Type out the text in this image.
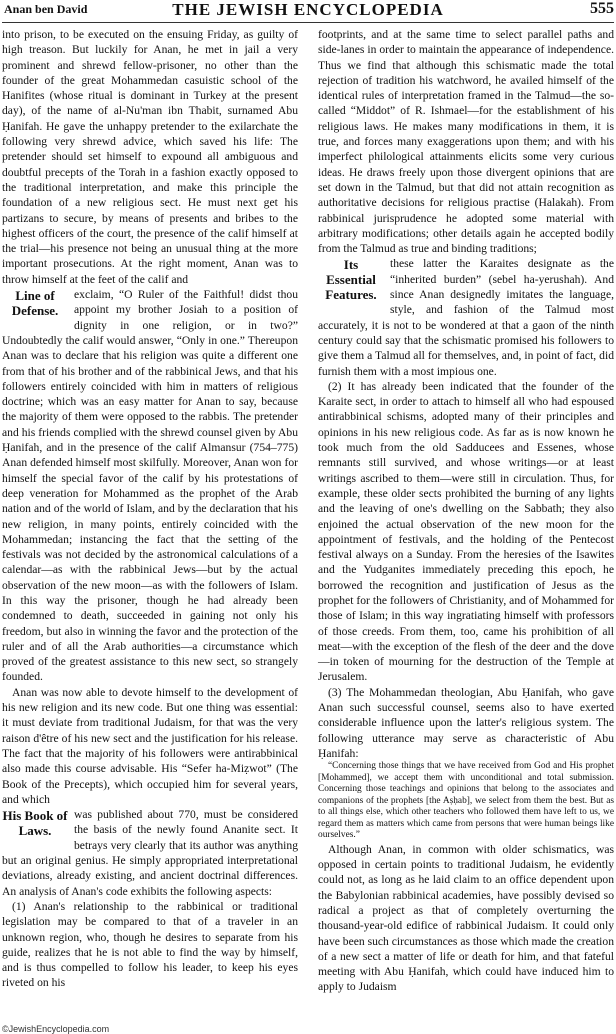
Anan ben David	THE JEWISH ENCYCLOPEDIA	555

into prison, to be executed on the ensuing Friday, as guilty of high treason. But luckily for Anan, he met in jail a very prominent and shrewd fellow-prisoner, no other than the founder of the great Mohammedan casuistic school of the Hanifites (whose ritual is dominant in Turkey at the present day), of the name of al-Nu'man ibn Thabit, surnamed Abu Ḥanifah. He gave the unhappy pretender to the exilarchate the following very shrewd advice, which saved his life: The pretender should set himself to expound all ambiguous and doubtful precepts of the Torah in a fashion exactly opposed to the traditional interpretation, and make this principle the foundation of a new religious sect. He must next get his partizans to secure, by means of presents and bribes to the highest officers of the court, the presence of the calif himself at the trial—his presence not being an unusual thing at the more important prosecutions. At the right moment, Anan was to throw himself at the feet of the calif and

Line of Defense.

exclaim, “O Ruler of the Faithful! didst thou appoint my brother Josiah to a position of dignity in one religion, or in two?” Undoubtedly the calif would answer, “Only in one.” Thereupon Anan was to declare that his religion was quite a different one from that of his brother and of the rabbinical Jews, and that his followers entirely coincided with him in matters of religious doctrine; which was an easy matter for Anan to say, because the majority of them were opposed to the rabbis. The pretender and his friends complied with the shrewd counsel given by Abu Ḥanifah, and in the presence of the calif Almansur (754–775) Anan defended himself most skilfully. Moreover, Anan won for himself the special favor of the calif by his protestations of deep veneration for Mohammed as the prophet of the Arab nation and of the world of Islam, and by the declaration that his new religion, in many points, entirely coincided with the Mohammedan; instancing the fact that the setting of the festivals was not decided by the astronomical calculations of a calendar—as with the rabbinical Jews—but by the actual observation of the new moon—as with the followers of Islam. In this way the prisoner, though he had already been condemned to death, succeeded in gaining not only his freedom, but also in winning the favor and the protection of the ruler and of all the Arab authorities—a circumstance which proved of the greatest assistance to this new sect, so strangely founded.

Anan was now able to devote himself to the development of his new religion and its new code. But one thing was essential: it must deviate from traditional Judaism, for that was the very raison d'être of his new sect and the justification for his release. The fact that the majority of his followers were antirabbinical also made this course advisable. His “Sefer ha-Miẓwot” (The Book of the Precepts), which occupied him for several years, and which

His Book of Laws.

was published about 770, must be considered the basis of the newly found Ananite sect. It betrays very clearly that its author was anything but an original genius. He simply appropriated interpretational deviations, already existing, and ancient doctrinal differences. An analysis of Anan's code exhibits the following aspects:

(1) Anan's relationship to the rabbinical or traditional legislation may be compared to that of a traveler in an unknown region, who, though he desires to separate from his guide, realizes that he is not able to find the way by himself, and is thus compelled to follow his leader, to keep his eyes riveted on his

footprints, and at the same time to select parallel paths and side-lanes in order to maintain the appearance of independence. Thus we find that although this schismatic made the total rejection of tradition his watchword, he availed himself of the identical rules of interpretation framed in the Talmud—the so-called “Middot” of R. Ishmael—for the establishment of his religious laws. He makes many modifications in them, it is true, and forces many exaggerations upon them; and with his imperfect philological attainments elicits some very curious ideas. He draws freely upon those divergent opinions that are set down in the Talmud, but that did not attain recognition as authoritative decisions for religious practise (Halakah). From rabbinical jurisprudence he adopted some material with arbitrary modifications; other details again he accepted bodily from the Talmud as true and binding traditions;

Its Essential Features.

these latter the Karaites designate as the “inherited burden” (sebel ha-yerushah). And since Anan designedly imitates the language, style, and fashion of the Talmud most accurately, it is not to be wondered at that a gaon of the ninth century could say that the schismatic promised his followers to give them a Talmud all for themselves, and, in point of fact, did furnish them with a most impious one.

(2) It has already been indicated that the founder of the Karaite sect, in order to attach to himself all who had espoused antirabbinical schisms, adopted many of their principles and opinions in his new religious code. As far as is now known he took much from the old Sadducees and Essenes, whose remnants still survived, and whose writings—or at least writings ascribed to them—were still in circulation. Thus, for example, these older sects prohibited the burning of any lights and the leaving of one's dwelling on the Sabbath; they also enjoined the actual observation of the new moon for the appointment of festivals, and the holding of the Pentecost festival always on a Sunday. From the heresies of the Isawites and the Yudganites immediately preceding this epoch, he borrowed the recognition and justification of Jesus as the prophet for the followers of Christianity, and of Mohammed for those of Islam; in this way ingratiating himself with professors of those creeds. From them, too, came his prohibition of all meat—with the exception of the flesh of the deer and the dove—in token of mourning for the destruction of the Temple at Jerusalem.

(3) The Mohammedan theologian, Abu Ḥanifah, who gave Anan such successful counsel, seems also to have exerted considerable influence upon the latter's religious system. The following utterance may serve as characteristic of Abu Ḥanifah:

“Concerning those things that we have received from God and His prophet [Mohammed], we accept them with unconditional and total submission. Concerning those teachings and opinions that belong to the associates and companions of the prophets [the Aṣḥab], we select from them the best. But as to all things else, which other teachers who followed them have left to us, we regard them as matters which came from persons that were human beings like ourselves.”

Although Anan, in common with older schismatics, was opposed in certain points to traditional Judaism, he evidently could not, as long as he laid claim to an office dependent upon the Babylonian rabbinical academies, have possibly devised so radical a project as that of completely overturning the thousand-year-old edifice of rabbinical Judaism. It could only have been such circumstances as those which made the creation of a new sect a matter of life or death for him, and that fateful meeting with Abu Ḥanifah, which could have induced him to apply to Judaism

©JewishEncyclopedia.com
